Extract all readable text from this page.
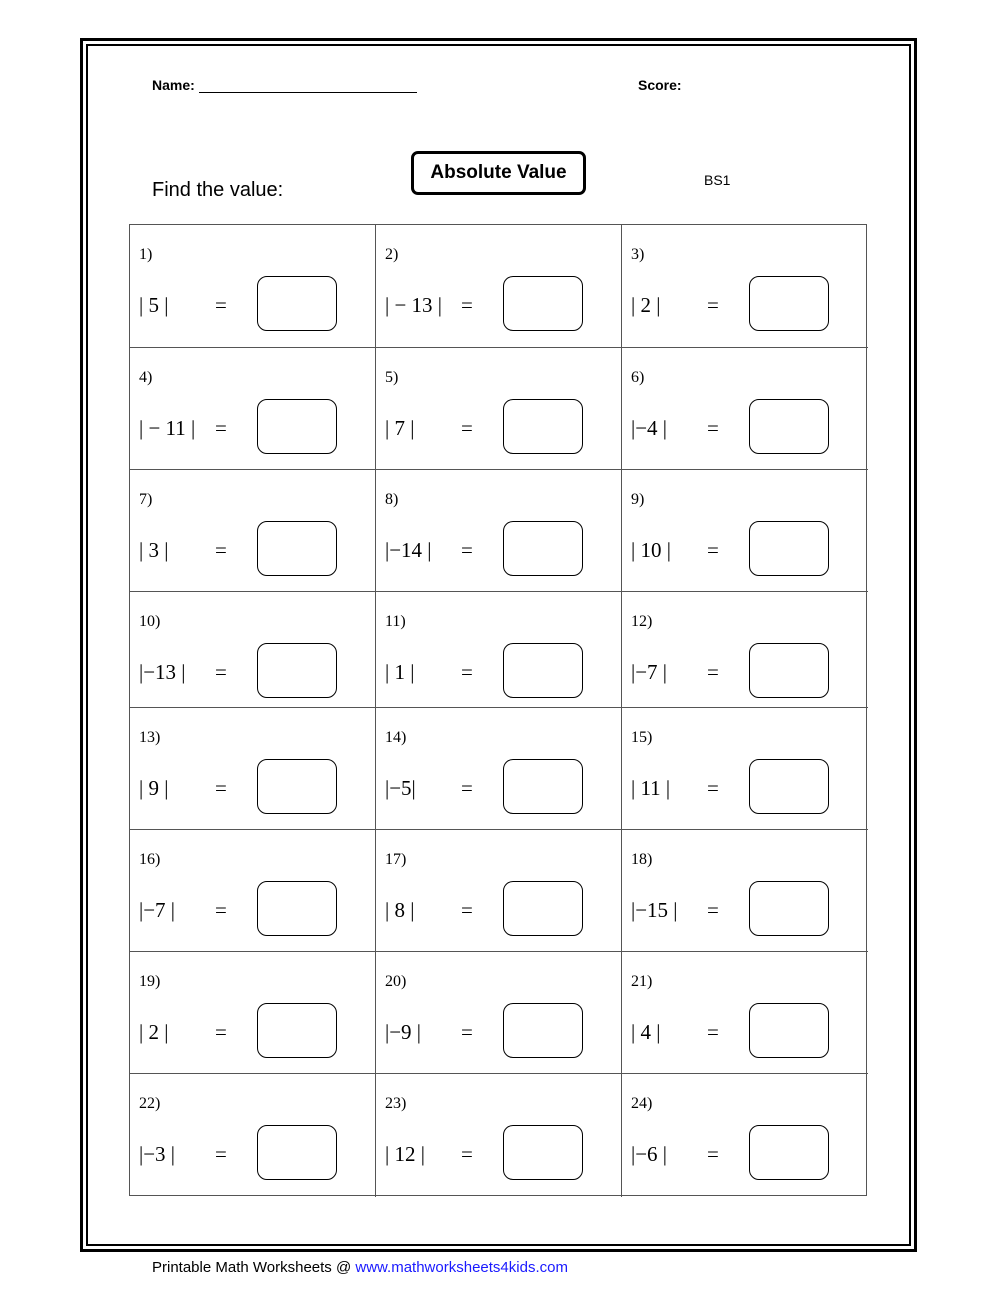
Name:	Score:
Absolute Value	BS1
Find the value:
1)
| 5 | =
2)
| − 13 | =
3)
| 2 | =
4)
| − 11 | =
5)
| 7 | =
6)
|−4 | =
7)
| 3 | =
8)
|−14 | =
9)
| 10 | =
10)
|−13 | =
11)
| 1 | =
12)
|−7 | =
13)
| 9 | =
14)
|−5| =
15)
| 11 | =
16)
|−7 | =
17)
| 8 | =
18)
|−15 | =
19)
| 2 | =
20)
|−9 | =
21)
| 4 | =
22)
|−3 | =
23)
| 12 | =
24)
|−6 | =
Printable Math Worksheets @ www.mathworksheets4kids.com
